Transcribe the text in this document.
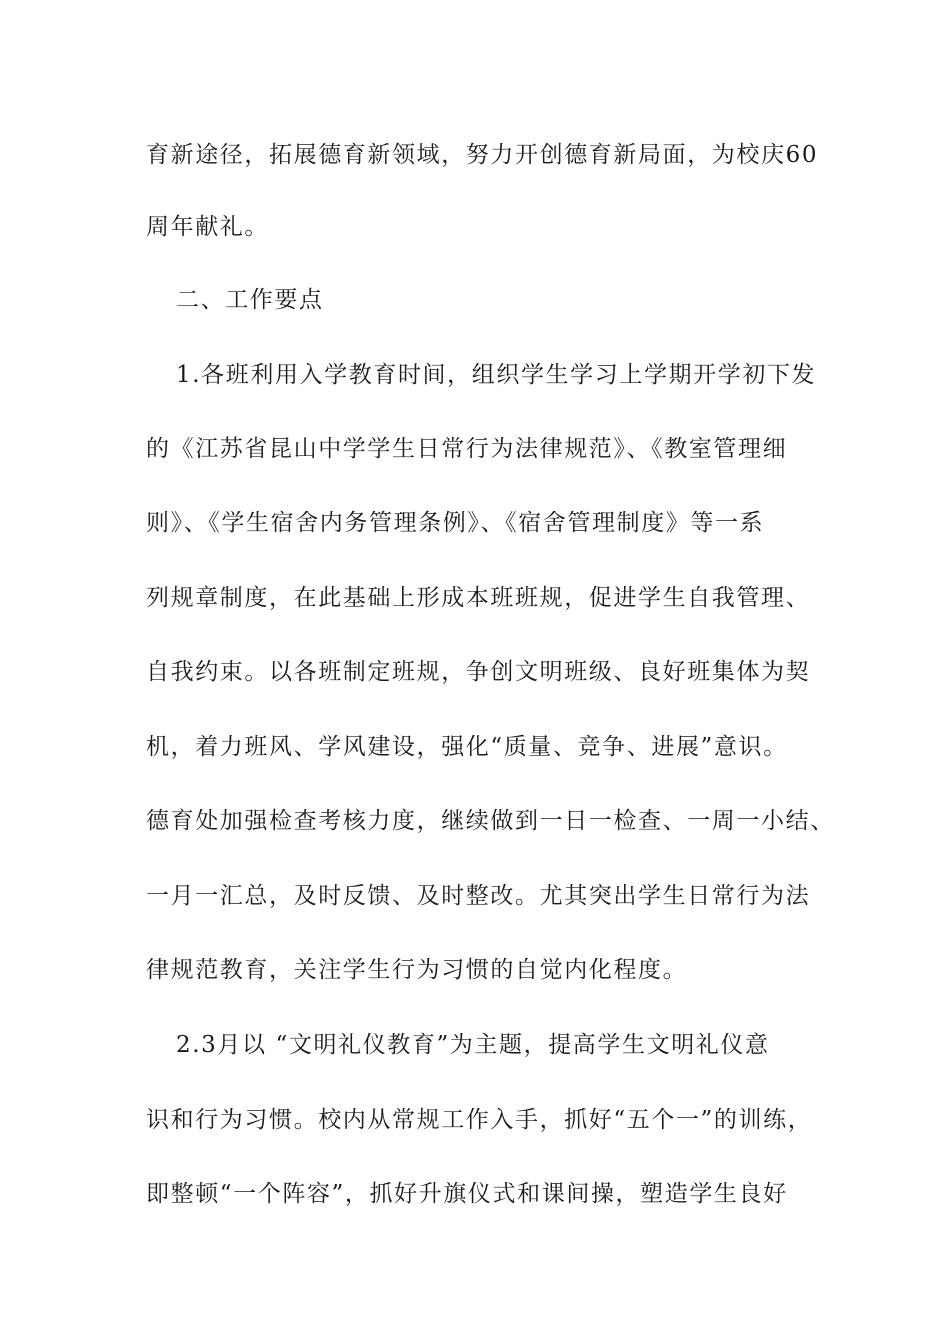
育新途径，拓展德育新领域，努力开创德育新局面，为校庆60
周年献礼。
二、工作要点
1.各班利用入学教育时间，组织学生学习上学期开学初下发
的《江苏省昆山中学学生日常行为法律规范》、《教室管理细
则》、《学生宿舍内务管理条例》、《宿舍管理制度》等一系
列规章制度，在此基础上形成本班班规，促进学生自我管理、
自我约束。以各班制定班规，争创文明班级、良好班集体为契
机，着力班风、学风建设，强化“质量、竞争、进展”意识。
德育处加强检查考核力度，继续做到一日一检查、一周一小结、
一月一汇总，及时反馈、及时整改。尤其突出学生日常行为法
律规范教育，关注学生行为习惯的自觉内化程度。
2.3月以 “文明礼仪教育”为主题，提高学生文明礼仪意
识和行为习惯。校内从常规工作入手，抓好“五个一”的训练，
即整顿“一个阵容”，抓好升旗仪式和课间操，塑造学生良好
